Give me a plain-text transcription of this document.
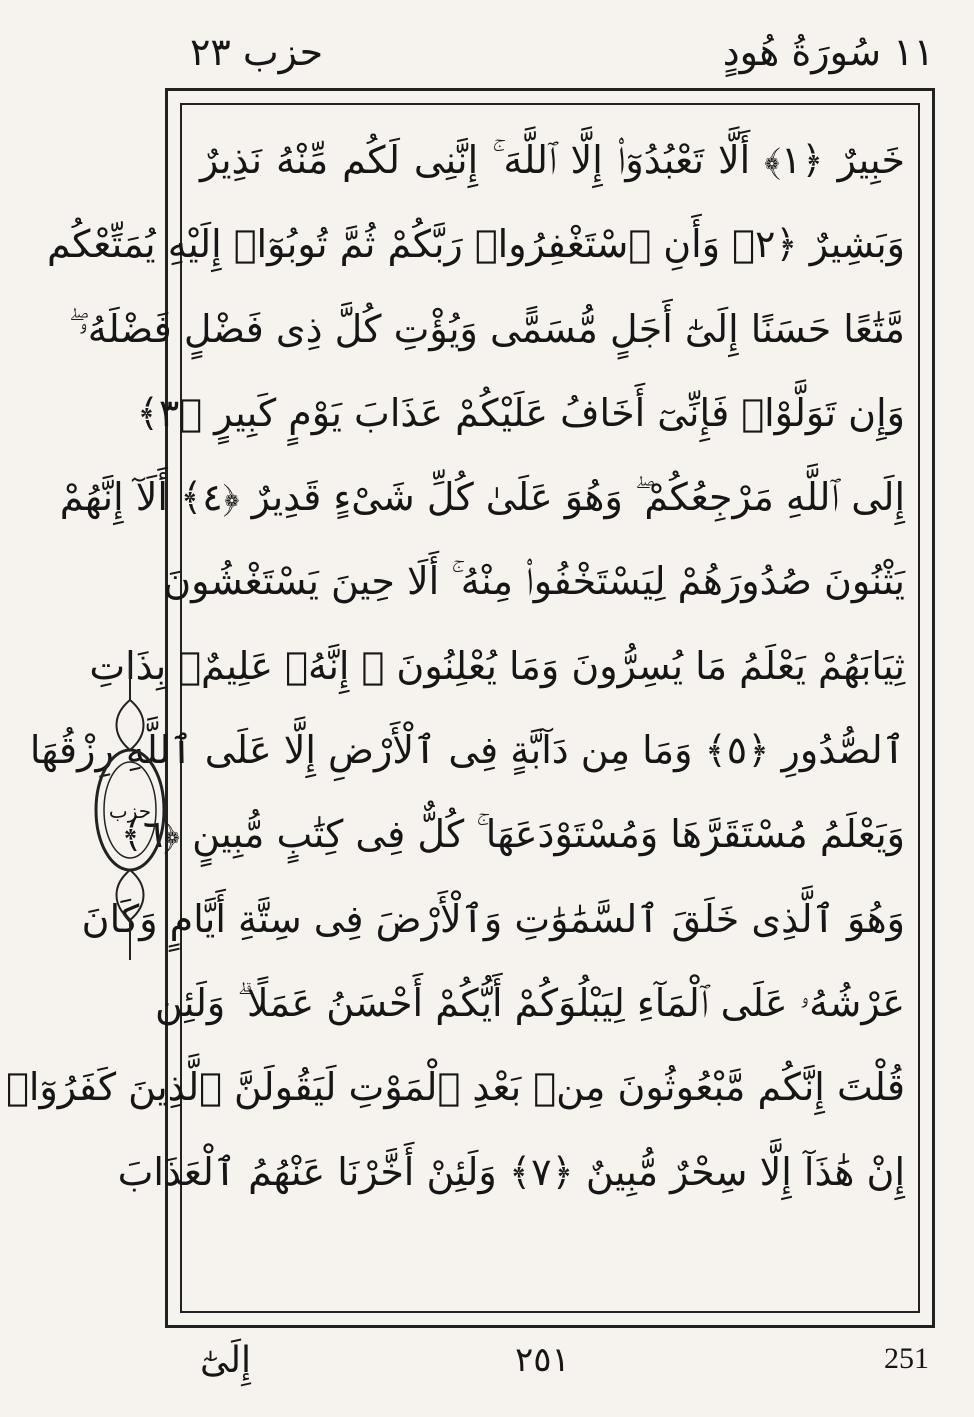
١١ سُورَةُ هُودٍ
حزب ٢٣
خَبِيرٌ ﴿١﴾ أَلَّا تَعْبُدُوٓا۟ إِلَّا ٱللَّهَ ۚ إِنَّنِى لَكُم مِّنْهُ نَذِيرٌ
وَبَشِيرٌ ﴿٢﴾ وَأَنِ ٱسْتَغْفِرُوا۟ رَبَّكُمْ ثُمَّ تُوبُوٓا۟ إِلَيْهِ يُمَتِّعْكُم
مَّتَٰعًا حَسَنًا إِلَىٰٓ أَجَلٍ مُّسَمًّى وَيُؤْتِ كُلَّ ذِى فَضْلٍ فَضْلَهُۥ ۖ
وَإِن تَوَلَّوْا۟ فَإِنِّىٓ أَخَافُ عَلَيْكُمْ عَذَابَ يَوْمٍ كَبِيرٍ ﴿٣﴾
إِلَى ٱللَّهِ مَرْجِعُكُمْ ۖ وَهُوَ عَلَىٰ كُلِّ شَىْءٍ قَدِيرٌ ﴿٤﴾ أَلَآ إِنَّهُمْ
يَثْنُونَ صُدُورَهُمْ لِيَسْتَخْفُوا۟ مِنْهُ ۚ أَلَا حِينَ يَسْتَغْشُونَ
ثِيَابَهُمْ يَعْلَمُ مَا يُسِرُّونَ وَمَا يُعْلِنُونَ ۚ إِنَّهُۥ عَلِيمٌۢ بِذَاتِ
ٱلصُّدُورِ ﴿٥﴾ وَمَا مِن دَآبَّةٍ فِى ٱلْأَرْضِ إِلَّا عَلَى ٱللَّهِ رِزْقُهَا
وَيَعْلَمُ مُسْتَقَرَّهَا وَمُسْتَوْدَعَهَا ۚ كُلٌّ فِى كِتَٰبٍ مُّبِينٍ ﴿٦﴾
وَهُوَ ٱلَّذِى خَلَقَ ٱلسَّمَٰوَٰتِ وَٱلْأَرْضَ فِى سِتَّةِ أَيَّامٍ وَكَانَ
عَرْشُهُۥ عَلَى ٱلْمَآءِ لِيَبْلُوَكُمْ أَيُّكُمْ أَحْسَنُ عَمَلًا ۗ وَلَئِن
قُلْتَ إِنَّكُم مَّبْعُوثُونَ مِنۢ بَعْدِ ٱلْمَوْتِ لَيَقُولَنَّ ٱلَّذِينَ كَفَرُوٓا۟
إِنْ هَٰذَآ إِلَّا سِحْرٌ مُّبِينٌ ﴿٧﴾ وَلَئِنْ أَخَّرْنَا عَنْهُمُ ٱلْعَذَابَ
حزب
إِلَىٰٓ	٢٥١	251
